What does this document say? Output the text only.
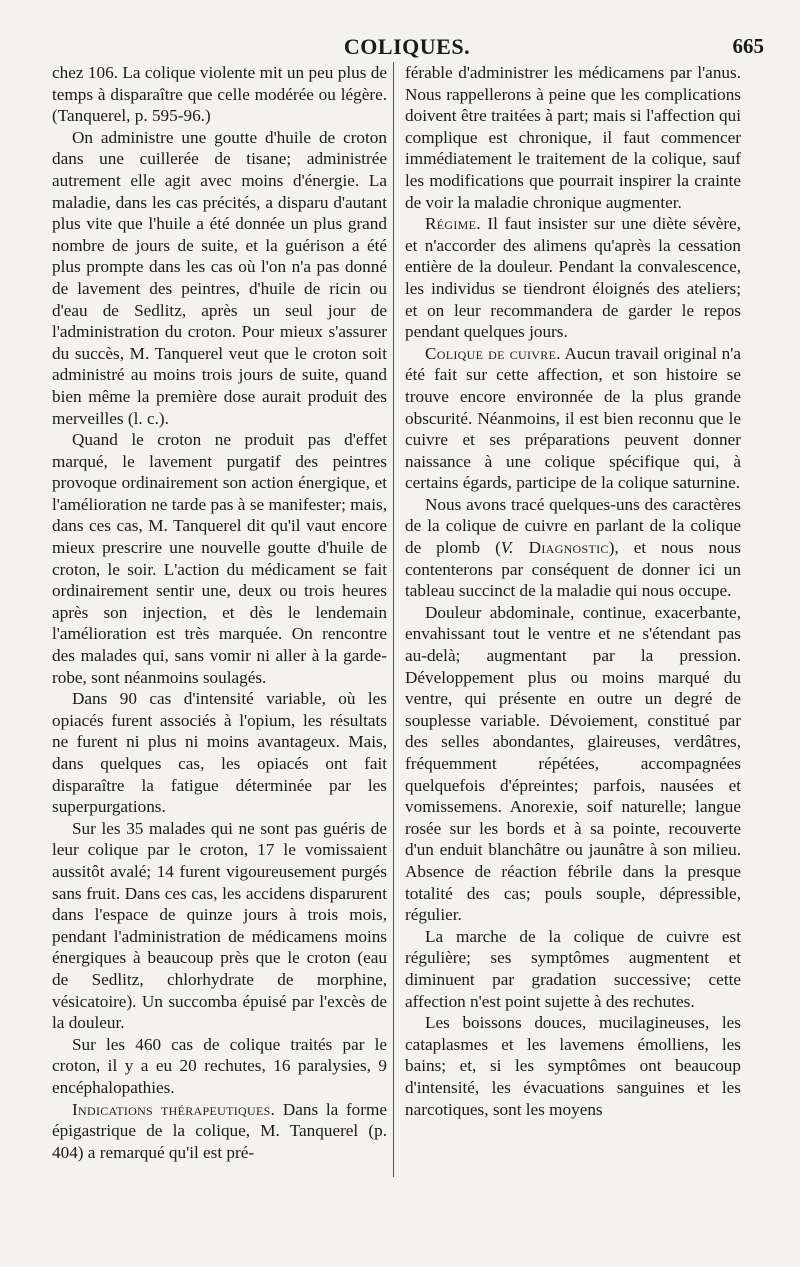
COLIQUES.	665

chez 106. La colique violente mit un peu plus de temps à disparaître que celle modérée ou légère. (Tanquerel, p. 595-96.)

On administre une goutte d'huile de croton dans une cuillerée de tisane; administrée autrement elle agit avec moins d'énergie. La maladie, dans les cas précités, a disparu d'autant plus vite que l'huile a été donnée un plus grand nombre de jours de suite, et la guérison a été plus prompte dans les cas où l'on n'a pas donné de lavement des peintres, d'huile de ricin ou d'eau de Sedlitz, après un seul jour de l'administration du croton. Pour mieux s'assurer du succès, M. Tanquerel veut que le croton soit administré au moins trois jours de suite, quand bien même la première dose aurait produit des merveilles (l. c.).

Quand le croton ne produit pas d'effet marqué, le lavement purgatif des peintres provoque ordinairement son action énergique, et l'amélioration ne tarde pas à se manifester; mais, dans ces cas, M. Tanquerel dit qu'il vaut encore mieux prescrire une nouvelle goutte d'huile de croton, le soir. L'action du médicament se fait ordinairement sentir une, deux ou trois heures après son injection, et dès le lendemain l'amélioration est très marquée. On rencontre des malades qui, sans vomir ni aller à la garde-robe, sont néanmoins soulagés.

Dans 90 cas d'intensité variable, où les opiacés furent associés à l'opium, les résultats ne furent ni plus ni moins avantageux. Mais, dans quelques cas, les opiacés ont fait disparaître la fatigue déterminée par les superpurgations.

Sur les 35 malades qui ne sont pas guéris de leur colique par le croton, 17 le vomissaient aussitôt avalé; 14 furent vigoureusement purgés sans fruit. Dans ces cas, les accidens disparurent dans l'espace de quinze jours à trois mois, pendant l'administration de médicamens moins énergiques à beaucoup près que le croton (eau de Sedlitz, chlorhydrate de morphine, vésicatoire). Un succomba épuisé par l'excès de la douleur.

Sur les 460 cas de colique traités par le croton, il y a eu 20 rechutes, 16 paralysies, 9 encéphalopathies.

Indications thérapeutiques. Dans la forme épigastrique de la colique, M. Tanquerel (p. 404) a remarqué qu'il est pré-

férable d'administrer les médicamens par l'anus. Nous rappellerons à peine que les complications doivent être traitées à part; mais si l'affection qui complique est chronique, il faut commencer immédiatement le traitement de la colique, sauf les modifications que pourrait inspirer la crainte de voir la maladie chronique augmenter.

Régime. Il faut insister sur une diète sévère, et n'accorder des alimens qu'après la cessation entière de la douleur. Pendant la convalescence, les individus se tiendront éloignés des ateliers; et on leur recommandera de garder le repos pendant quelques jours.

Colique de cuivre. Aucun travail original n'a été fait sur cette affection, et son histoire se trouve encore environnée de la plus grande obscurité. Néanmoins, il est bien reconnu que le cuivre et ses préparations peuvent donner naissance à une colique spécifique qui, à certains égards, participe de la colique saturnine.

Nous avons tracé quelques-uns des caractères de la colique de cuivre en parlant de la colique de plomb (V. Diagnostic), et nous nous contenterons par conséquent de donner ici un tableau succinct de la maladie qui nous occupe.

Douleur abdominale, continue, exacerbante, envahissant tout le ventre et ne s'étendant pas au-delà; augmentant par la pression. Développement plus ou moins marqué du ventre, qui présente en outre un degré de souplesse variable. Dévoiement, constitué par des selles abondantes, glaireuses, verdâtres, fréquemment répétées, accompagnées quelquefois d'épreintes; parfois, nausées et vomissemens. Anorexie, soif naturelle; langue rosée sur les bords et à sa pointe, recouverte d'un enduit blanchâtre ou jaunâtre à son milieu. Absence de réaction fébrile dans la presque totalité des cas; pouls souple, dépressible, régulier.

La marche de la colique de cuivre est régulière; ses symptômes augmentent et diminuent par gradation successive; cette affection n'est point sujette à des rechutes.

Les boissons douces, mucilagineuses, les cataplasmes et les lavemens émolliens, les bains; et, si les symptômes ont beaucoup d'intensité, les évacuations sanguines et les narcotiques, sont les moyens
